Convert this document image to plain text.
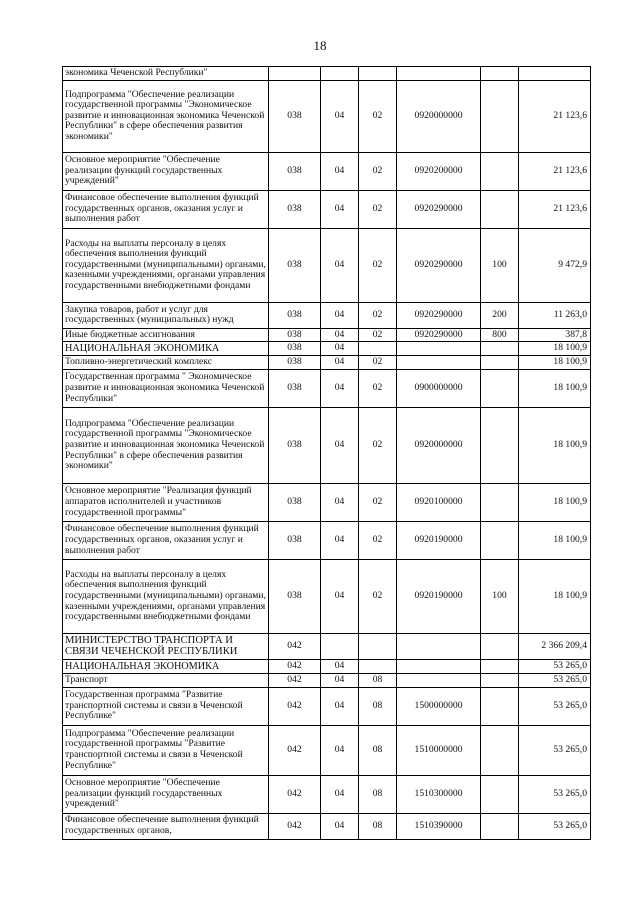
18
экономика Чеченской Республики"						
Подпрограмма "Обеспечение реализации государственной программы "Экономическое развитие и инновационная экономика Чеченской Республики" в сфере обеспечения развития экономики"	038	04	02	0920000000		21 123,6
Основное мероприятие "Обеспечение реализации функций государственных учреждений"	038	04	02	0920200000		21 123,6
Финансовое обеспечение выполнения функций государственных органов, оказания услуг и выполнения работ	038	04	02	0920290000		21 123,6
Расходы на выплаты персоналу в целях обеспечения выполнения функций государственными (муниципальными) органами, казенными учреждениями, органами управления государственными внебюджетными фондами	038	04	02	0920290000	100	9 472,9
Закупка товаров, работ и услуг для государственных (муниципальных) нужд	038	04	02	0920290000	200	11 263,0
Иные бюджетные ассигнования	038	04	02	0920290000	800	387,8
НАЦИОНАЛЬНАЯ ЭКОНОМИКА	038	04				18 100,9
Топливно-энергетический комплекс	038	04	02			18 100,9
Государственная программа " Экономическое развитие и инновационная экономика Чеченской Республики"	038	04	02	0900000000		18 100,9
Подпрограмма "Обеспечение реализации государственной программы "Экономическое развитие и инновационная экономика Чеченской Республики" в сфере обеспечения развития экономики"	038	04	02	0920000000		18 100,9
Основное мероприятие "Реализация функций аппаратов исполнителей и участников государственной программы"	038	04	02	0920100000		18 100,9
Финансовое обеспечение выполнения функций государственных органов, оказания услуг и выполнения работ	038	04	02	0920190000		18 100,9
Расходы на выплаты персоналу в целях обеспечения выполнения функций государственными (муниципальными) органами, казенными учреждениями, органами управления государственными внебюджетными фондами	038	04	02	0920190000	100	18 100,9
МИНИСТЕРСТВО ТРАНСПОРТА И СВЯЗИ ЧЕЧЕНСКОЙ РЕСПУБЛИКИ	042					2 366 209,4
НАЦИОНАЛЬНАЯ ЭКОНОМИКА	042	04				53 265,0
Транспорт	042	04	08			53 265,0
Государственная программа "Развитие транспортной системы и связи в Чеченской Республике"	042	04	08	1500000000		53 265,0
Подпрограмма "Обеспечение реализации государственной программы "Развитие транспортной системы и связи в Чеченской Республике"	042	04	08	1510000000		53 265,0
Основное мероприятие "Обеспечение реализации функций государственных учреждений"	042	04	08	1510300000		53 265,0
Финансовое обеспечение выполнения функций государственных органов,	042	04	08	1510390000		53 265,0
